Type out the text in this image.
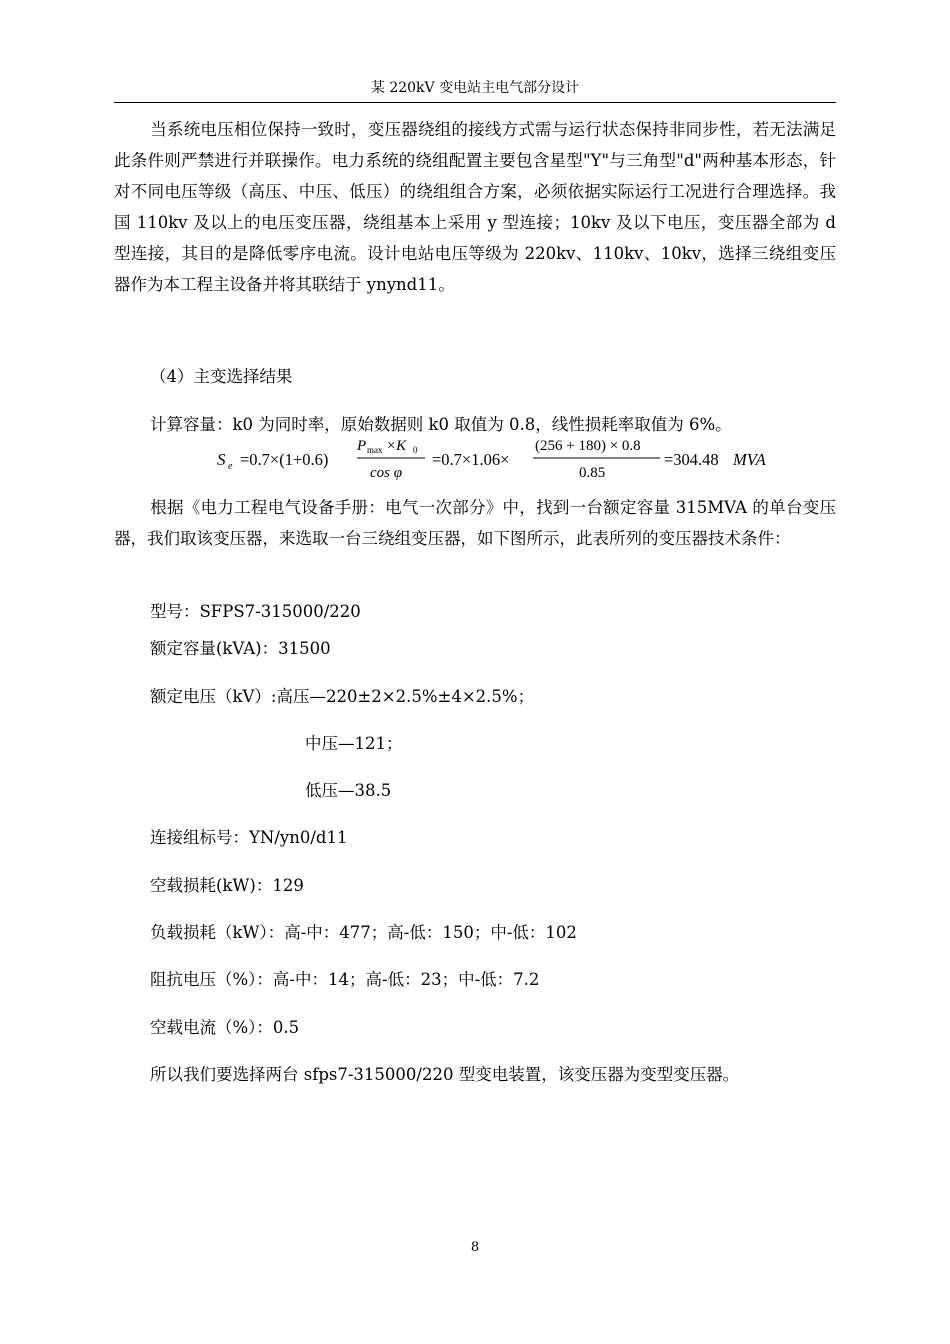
某 220kV 变电站主电气部分设计

当系统电压相位保持一致时，变压器绕组的接线方式需与运行状态保持非同步性，若无法满足此条件则严禁进行并联操作。电力系统的绕组配置主要包含星型"Y"与三角型"d"两种基本形态，针对不同电压等级（高压、中压、低压）的绕组组合方案，必须依据实际运行工况进行合理选择。我国 110kv 及以上的电压变压器，绕组基本上采用 y 型连接；10kv 及以下电压，变压器全部为 d 型连接，其目的是降低零序电流。设计电站电压等级为 220kv、110kv、10kv，选择三绕组变压器作为本工程主设备并将其联结于 ynynd11。

（4）主变选择结果
计算容量：k0 为同时率，原始数据则 k0 取值为 0.8，线性损耗率取值为 6%。
S e =0.7×(1+0.6)
P max ×K 0
cos φ
=0.7×1.06×
(256 + 180) × 0.8
0.85
=304.48 MVA

根据《电力工程电气设备手册：电气一次部分》中，找到一台额定容量 315MVA 的单台变压器，我们取该变压器，来选取一台三绕组变压器，如下图所示，此表所列的变压器技术条件：

型号：SFPS7-315000/220
额定容量(kVA)：31500
额定电压（kV）:高压—220±2×2.5%±4×2.5%；
中压—121；
低压—38.5
连接组标号：YN/yn0/d11
空载损耗(kW)：129
负载损耗（kW）：高-中：477；高-低：150；中-低：102
阻抗电压（%）：高-中：14；高-低：23；中-低：7.2
空载电流（%）：0.5
所以我们要选择两台 sfps7-315000/220 型变电装置，该变压器为变型变压器。
8
